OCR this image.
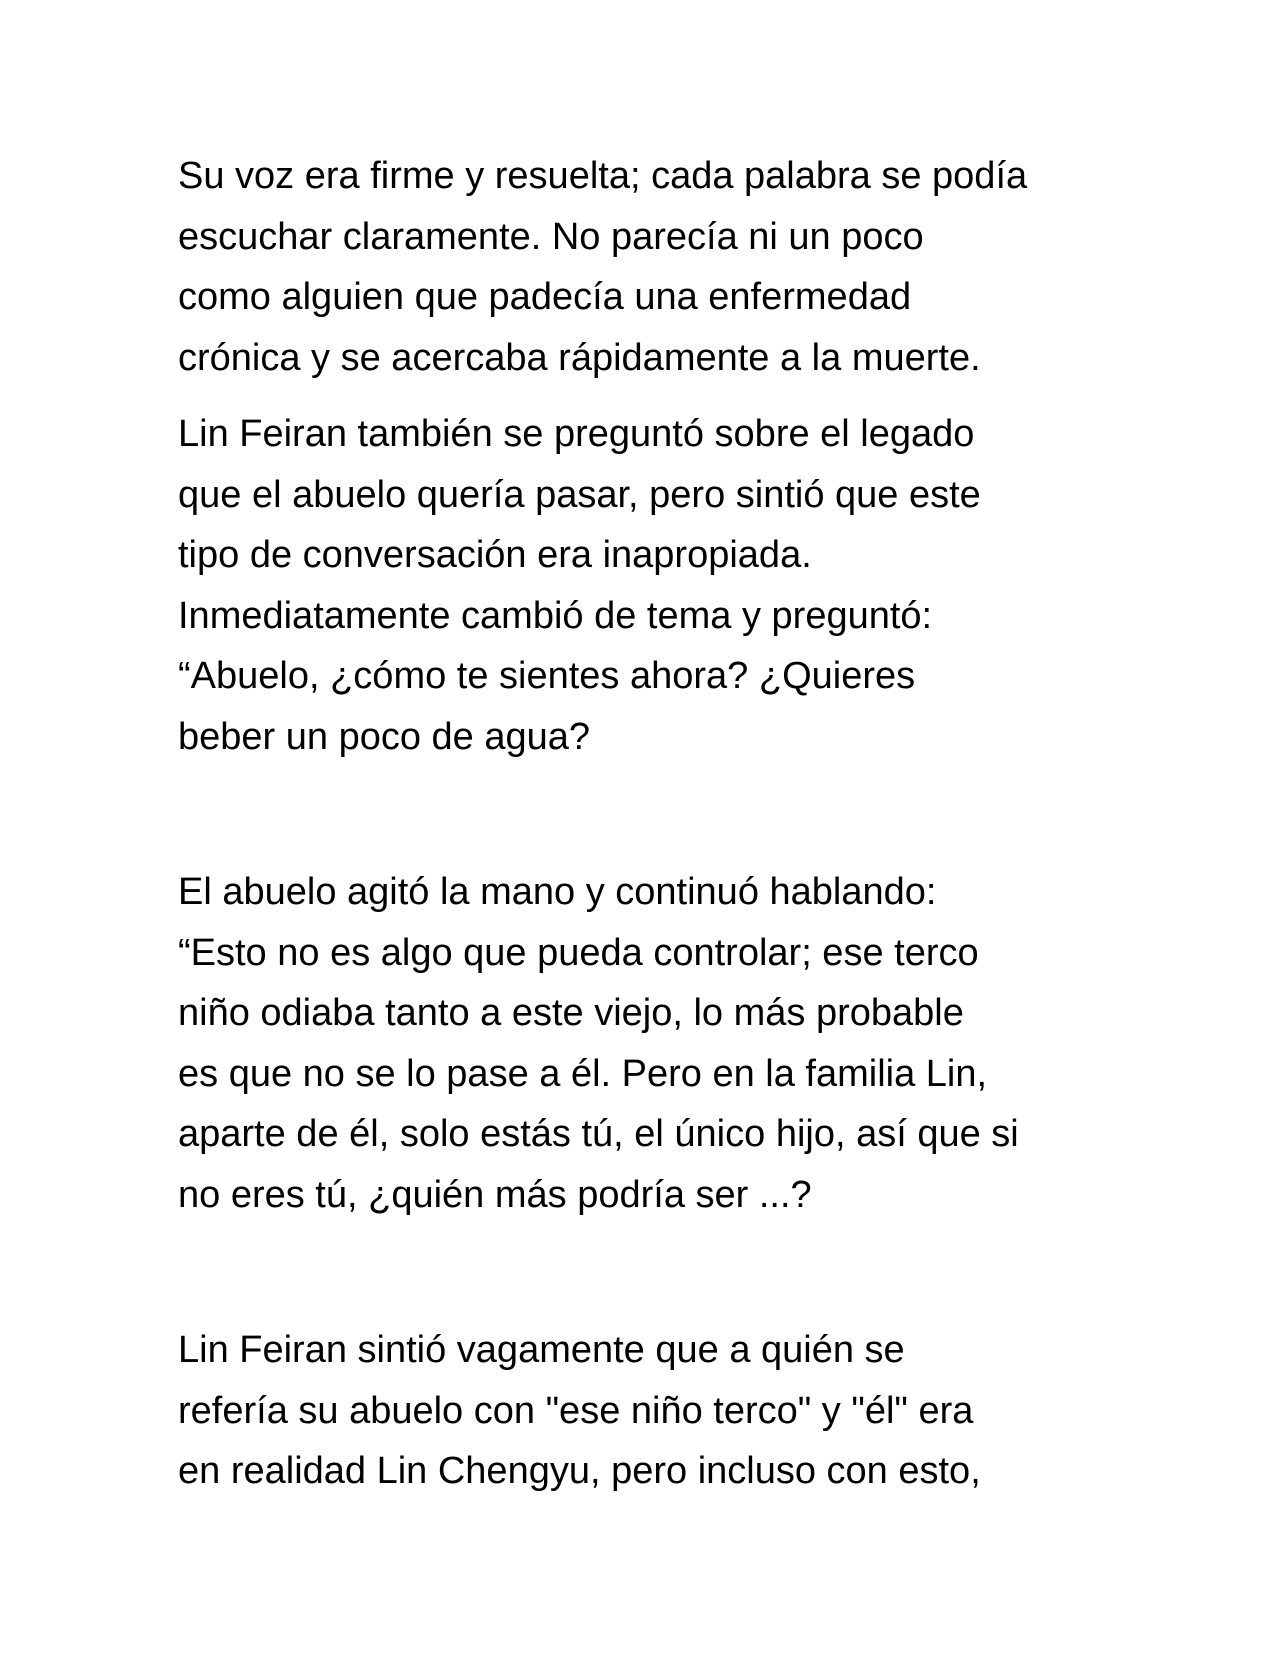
Su voz era firme y resuelta; cada palabra se podía
escuchar claramente. No parecía ni un poco
como alguien que padecía una enfermedad
crónica y se acercaba rápidamente a la muerte.

Lin Feiran también se preguntó sobre el legado
que el abuelo quería pasar, pero sintió que este
tipo de conversación era inapropiada.
Inmediatamente cambió de tema y preguntó:
“Abuelo, ¿cómo te sientes ahora? ¿Quieres
beber un poco de agua?

El abuelo agitó la mano y continuó hablando:
“Esto no es algo que pueda controlar; ese terco
niño odiaba tanto a este viejo, lo más probable
es que no se lo pase a él. Pero en la familia Lin,
aparte de él, solo estás tú, el único hijo, así que si
no eres tú, ¿quién más podría ser ...?

Lin Feiran sintió vagamente que a quién se
refería su abuelo con "ese niño terco" y "él" era
en realidad Lin Chengyu, pero incluso con esto,
